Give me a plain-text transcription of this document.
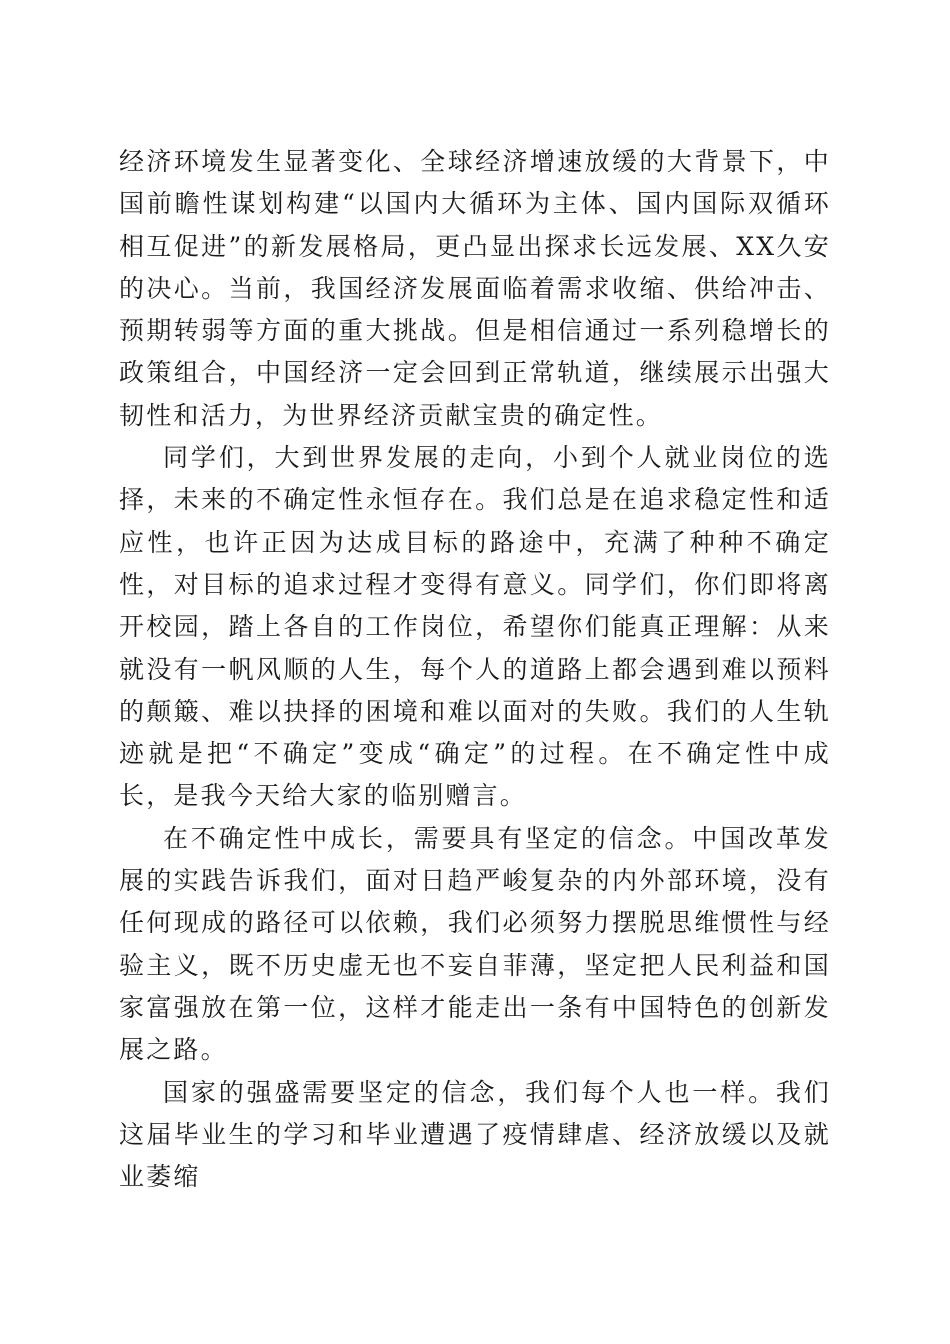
经济环境发生显著变化、全球经济增速放缓的大背景下，中国前瞻性谋划构建“以国内大循环为主体、国内国际双循环相互促进”的新发展格局，更凸显出探求长远发展、XX久安的决心。当前，我国经济发展面临着需求收缩、供给冲击、预期转弱等方面的重大挑战。但是相信通过一系列稳增长的政策组合，中国经济一定会回到正常轨道，继续展示出强大韧性和活力，为世界经济贡献宝贵的确定性。

同学们，大到世界发展的走向，小到个人就业岗位的选择，未来的不确定性永恒存在。我们总是在追求稳定性和适应性，也许正因为达成目标的路途中，充满了种种不确定性，对目标的追求过程才变得有意义。同学们，你们即将离开校园，踏上各自的工作岗位，希望你们能真正理解：从来就没有一帆风顺的人生，每个人的道路上都会遇到难以预料的颠簸、难以抉择的困境和难以面对的失败。我们的人生轨迹就是把“不确定”变成“确定”的过程。在不确定性中成长，是我今天给大家的临别赠言。

在不确定性中成长，需要具有坚定的信念。中国改革发展的实践告诉我们，面对日趋严峻复杂的内外部环境，没有任何现成的路径可以依赖，我们必须努力摆脱思维惯性与经验主义，既不历史虚无也不妄自菲薄，坚定把人民利益和国家富强放在第一位，这样才能走出一条有中国特色的创新发展之路。

国家的强盛需要坚定的信念，我们每个人也一样。我们这届毕业生的学习和毕业遭遇了疫情肆虐、经济放缓以及就业萎缩
